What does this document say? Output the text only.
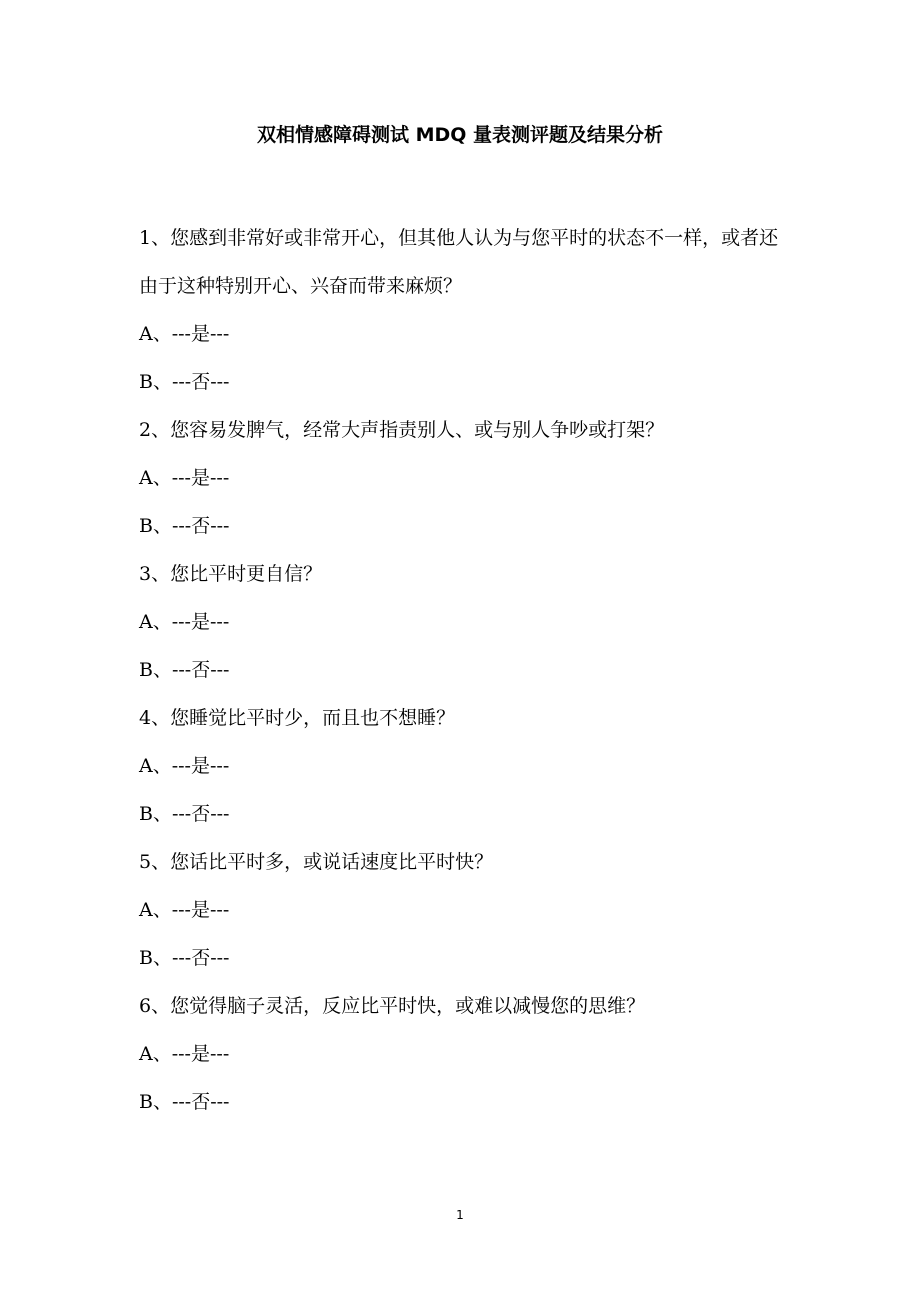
双相情感障碍测试 MDQ 量表测评题及结果分析
1、您感到非常好或非常开心，但其他人认为与您平时的状态不一样，或者还由于这种特别开心、兴奋而带来麻烦？
A、---是---
B、---否---
2、您容易发脾气，经常大声指责别人、或与别人争吵或打架？
A、---是---
B、---否---
3、您比平时更自信？
A、---是---
B、---否---
4、您睡觉比平时少，而且也不想睡？
A、---是---
B、---否---
5、您话比平时多，或说话速度比平时快？
A、---是---
B、---否---
6、您觉得脑子灵活，反应比平时快，或难以减慢您的思维？
A、---是---
B、---否---
1
